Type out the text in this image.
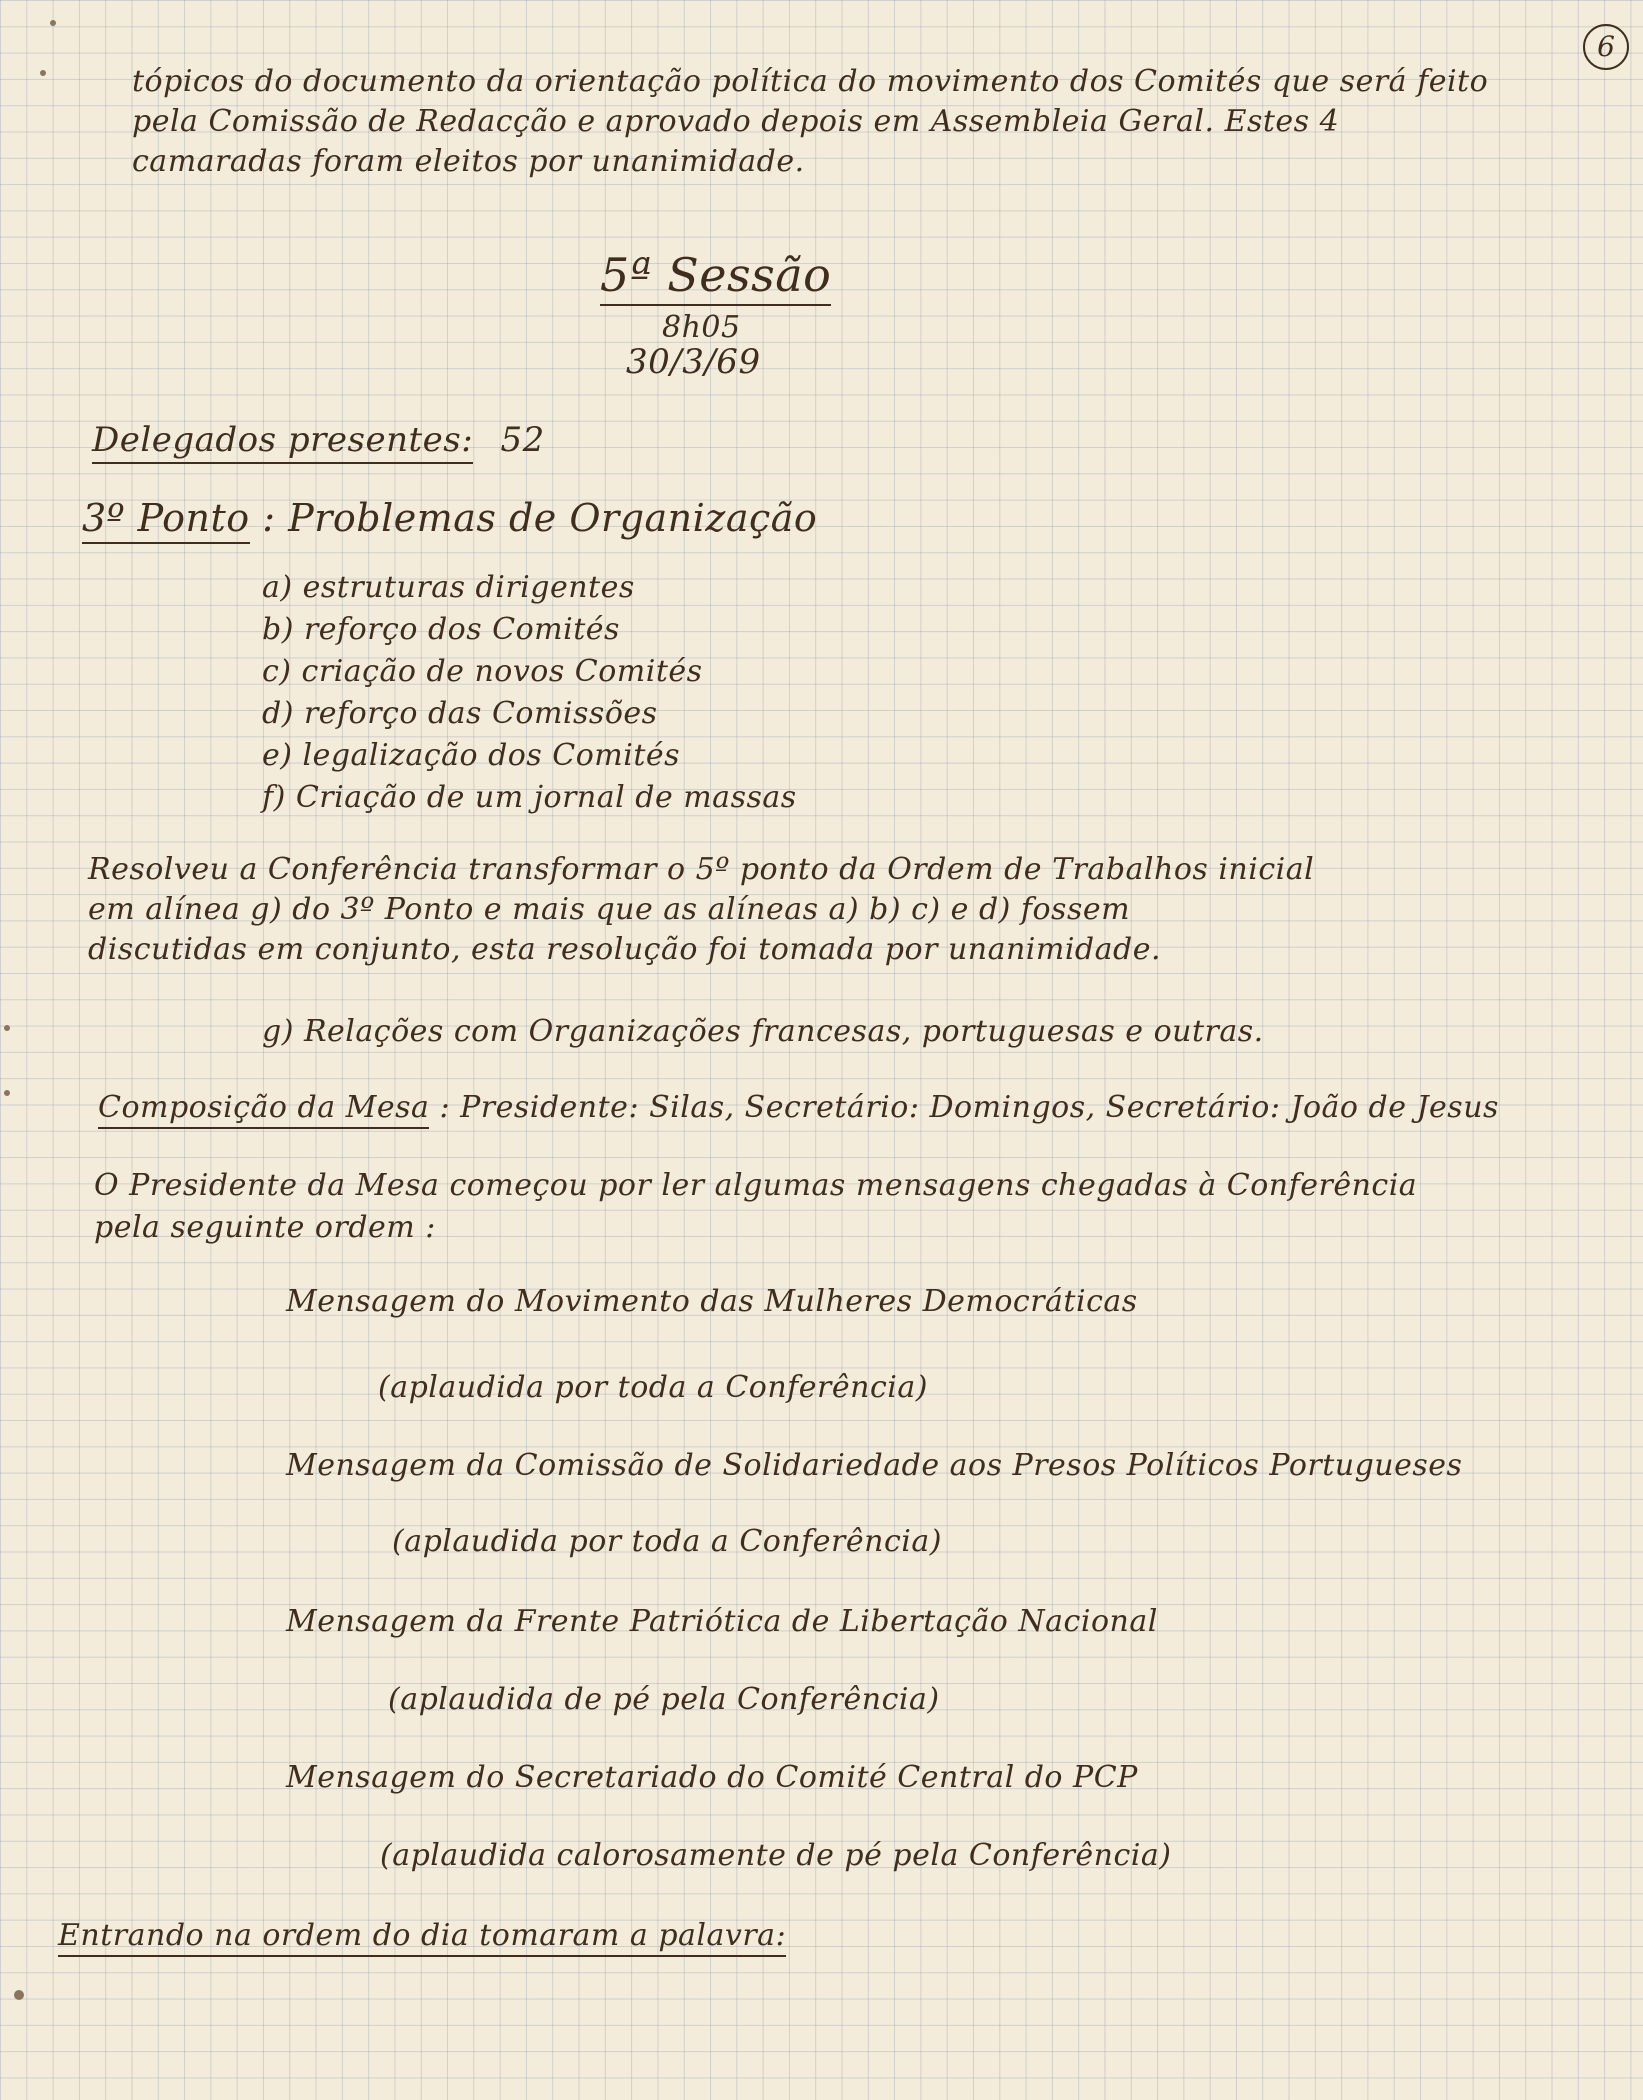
6
tópicos do documento da orientação política do movimento dos Comités que será feito
pela Comissão de Redacção e aprovado depois em Assembleia Geral. Estes 4
camaradas foram eleitos por unanimidade.
5ª Sessão
8h05
30/3/69
Delegados presentes: 52
3º Ponto : Problemas de Organização
a) estruturas dirigentes
b) reforço dos Comités
c) criação de novos Comités
d) reforço das Comissões
e) legalização dos Comités
f) Criação de um jornal de massas
Resolveu a Conferência transformar o 5º ponto da Ordem de Trabalhos inicial
em alínea g) do 3º Ponto e mais que as alíneas a) b) c) e d) fossem
discutidas em conjunto, esta resolução foi tomada por unanimidade.
g) Relações com Organizações francesas, portuguesas e outras.
Composição da Mesa : Presidente: Silas, Secretário: Domingos, Secretário: João de Jesus
O Presidente da Mesa começou por ler algumas mensagens chegadas à Conferência
pela seguinte ordem :
Mensagem do Movimento das Mulheres Democráticas
(aplaudida por toda a Conferência)
Mensagem da Comissão de Solidariedade aos Presos Políticos Portugueses
(aplaudida por toda a Conferência)
Mensagem da Frente Patriótica de Libertação Nacional
(aplaudida de pé pela Conferência)
Mensagem do Secretariado do Comité Central do PCP
(aplaudida calorosamente de pé pela Conferência)
Entrando na ordem do dia tomaram a palavra:
